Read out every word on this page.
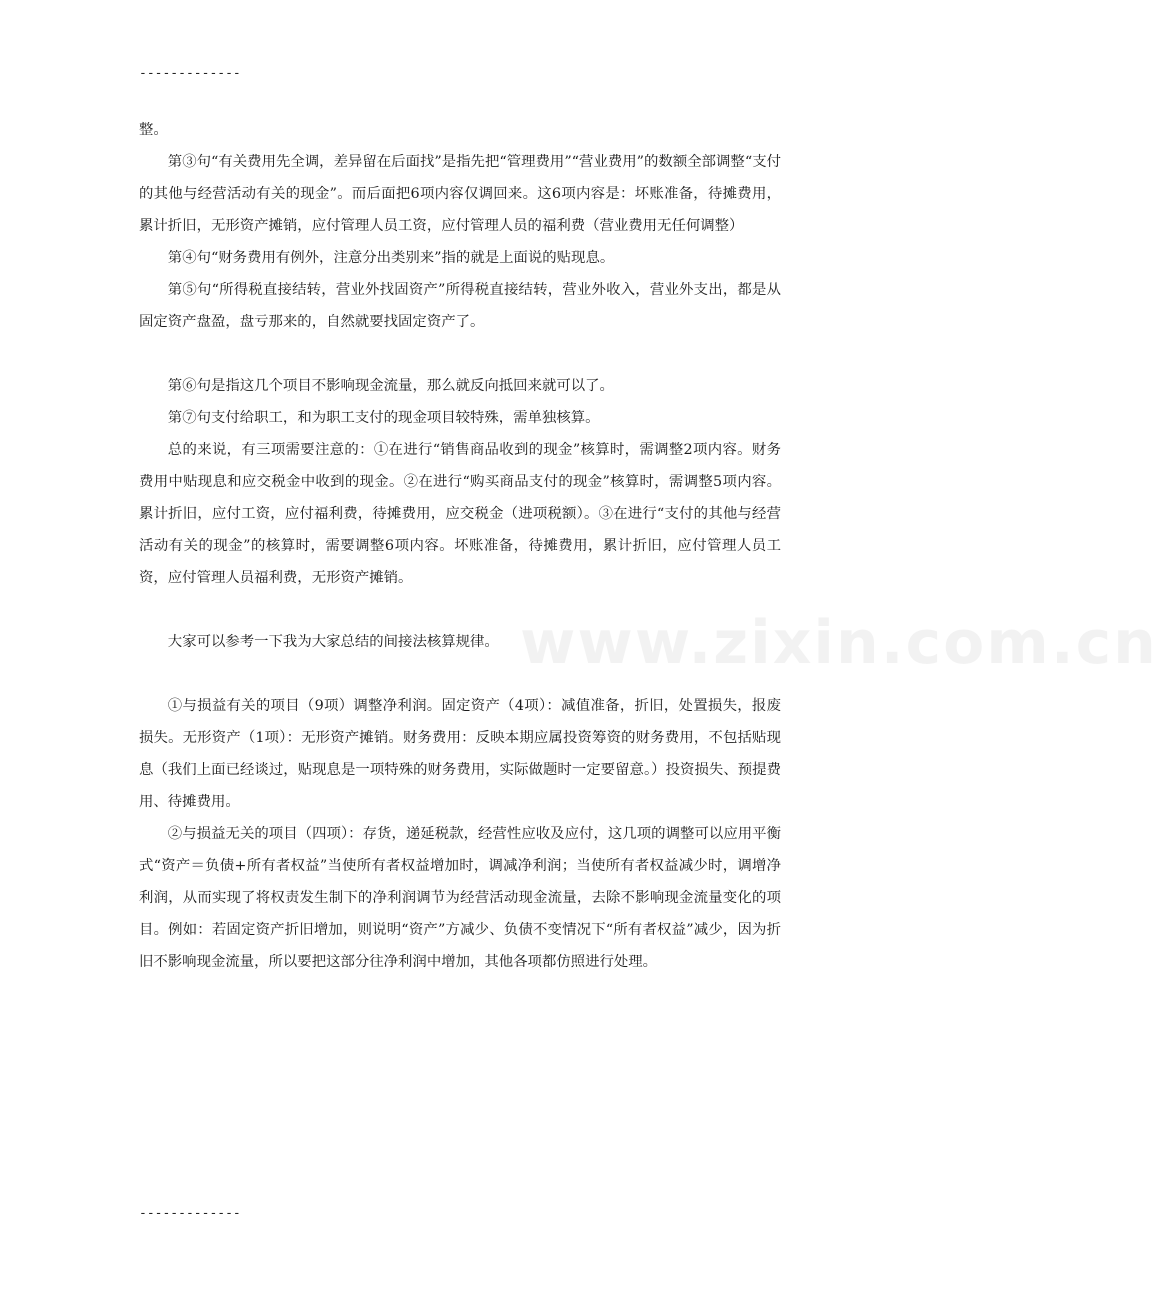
-------------
www.zixin.com.cn

整。

第③句“有关费用先全调，差异留在后面找”是指先把“管理费用”“营业费用”的数额全部调整“支付的其他与经营活动有关的现金”。而后面把6项内容仅调回来。这6项内容是：坏账准备，待摊费用，累计折旧，无形资产摊销，应付管理人员工资，应付管理人员的福利费（营业费用无任何调整）

第④句“财务费用有例外，注意分出类别来”指的就是上面说的贴现息。

第⑤句“所得税直接结转，营业外找固资产”所得税直接结转，营业外收入，营业外支出，都是从固定资产盘盈，盘亏那来的，自然就要找固定资产了。

第⑥句是指这几个项目不影响现金流量，那么就反向抵回来就可以了。

第⑦句支付给职工，和为职工支付的现金项目较特殊，需单独核算。

总的来说，有三项需要注意的：①在进行“销售商品收到的现金”核算时，需调整2项内容。财务费用中贴现息和应交税金中收到的现金。②在进行“购买商品支付的现金”核算时，需调整5项内容。累计折旧，应付工资，应付福利费，待摊费用，应交税金（进项税额）。③在进行“支付的其他与经营活动有关的现金”的核算时，需要调整6项内容。坏账准备，待摊费用，累计折旧，应付管理人员工资，应付管理人员福利费，无形资产摊销。

大家可以参考一下我为大家总结的间接法核算规律。

①与损益有关的项目（9项）调整净利润。固定资产（4项）：减值准备，折旧，处置损失，报废损失。无形资产（1项）：无形资产摊销。财务费用：反映本期应属投资筹资的财务费用，不包括贴现息（我们上面已经谈过，贴现息是一项特殊的财务费用，实际做题时一定要留意。）投资损失、预提费用、待摊费用。

②与损益无关的项目（四项）：存货，递延税款，经营性应收及应付，这几项的调整可以应用平衡式“资产＝负债+所有者权益”当使所有者权益增加时，调减净利润；当使所有者权益减少时，调增净利润，从而实现了将权责发生制下的净利润调节为经营活动现金流量，去除不影响现金流量变化的项目。例如：若固定资产折旧增加，则说明“资产”方减少、负债不变情况下“所有者权益”减少，因为折旧不影响现金流量，所以要把这部分往净利润中增加，其他各项都仿照进行处理。

-------------
